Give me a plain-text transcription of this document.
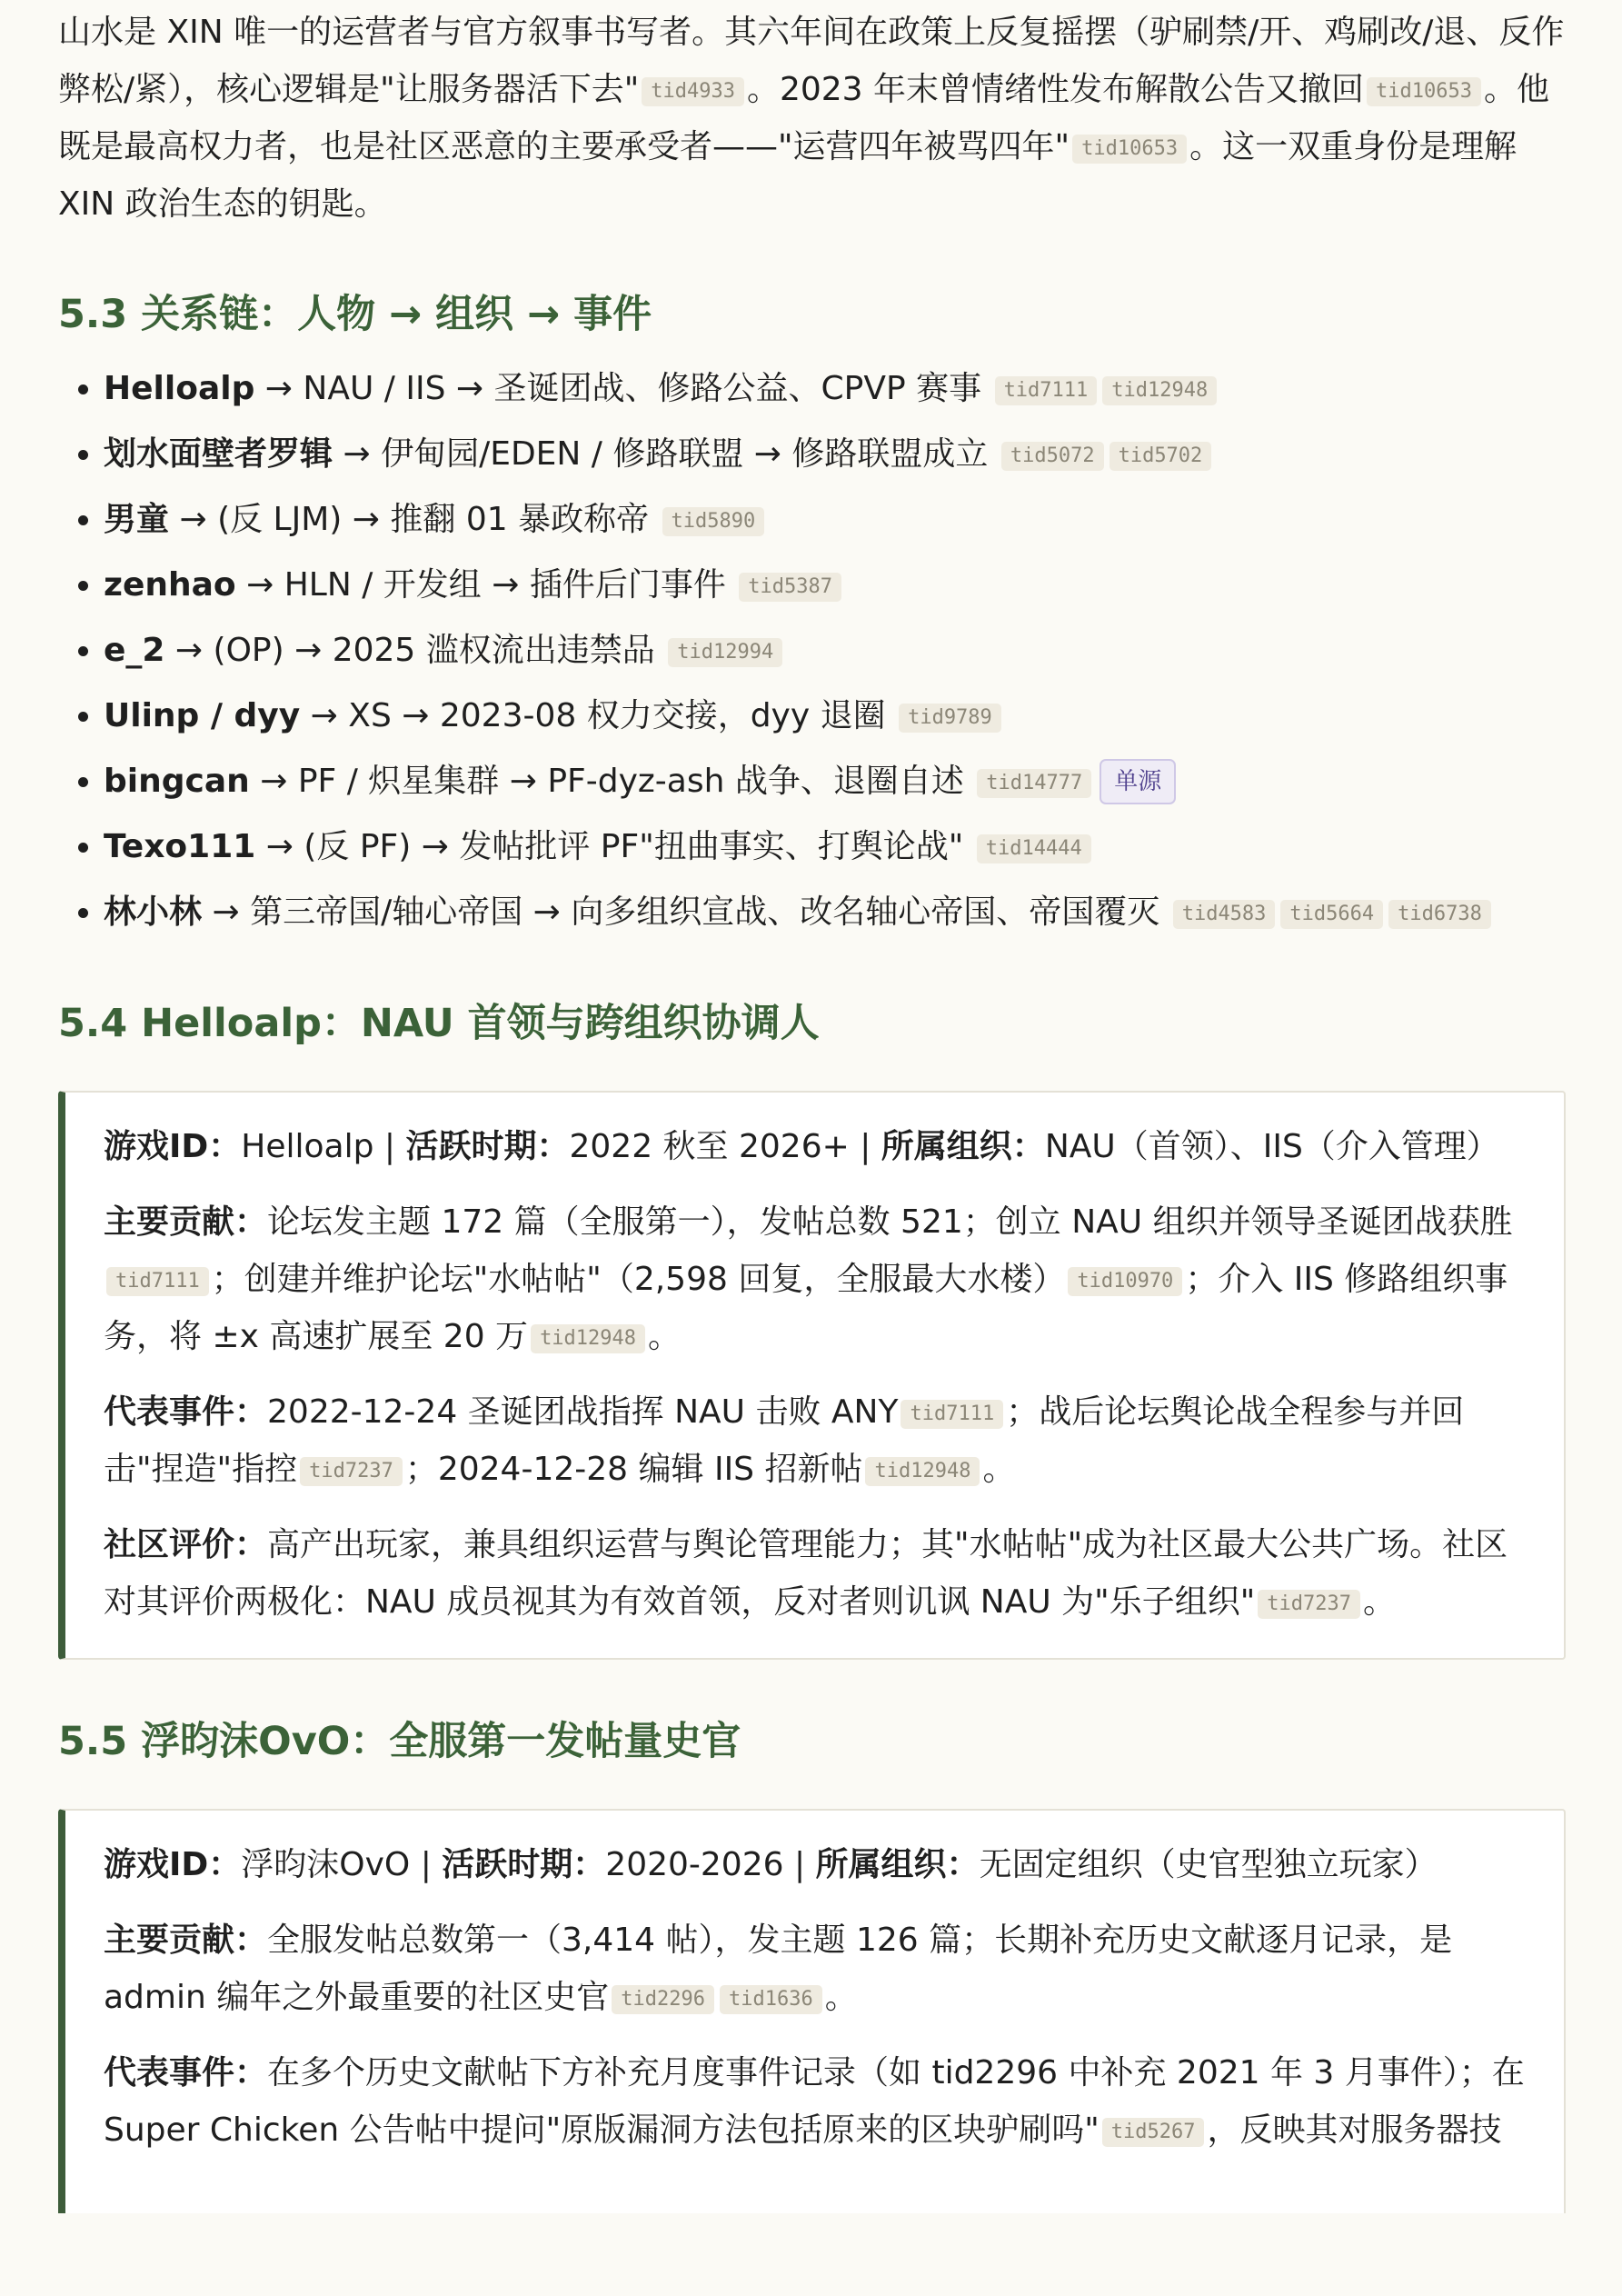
山水是 XIN 唯一的运营者与官方叙事书写者。其六年间在政策上反复摇摆（驴刷禁/开、鸡刷改/退、反作弊松/紧），核心逻辑是"让服务器活下去" tid4933 。2023 年末曾情绪性发布解散公告又撤回 tid10653 。他既是最高权力者，也是社区恶意的主要承受者——"运营四年被骂四年" tid10653 。这一双重身份是理解 XIN 政治生态的钥匙。

5.3 关系链：人物 → 组织 → 事件
• Helloalp → NAU / IIS → 圣诞团战、修路公益、CPVP 赛事 tid7111 tid12948
• 划水面壁者罗辑 → 伊甸园/EDEN / 修路联盟 → 修路联盟成立 tid5072 tid5702
• 男童 → (反 LJM) → 推翻 01 暴政称帝 tid5890
• zenhao → HLN / 开发组 → 插件后门事件 tid5387
• e_2 → (OP) → 2025 滥权流出违禁品 tid12994
• Ulinp / dyy → XS → 2023-08 权力交接，dyy 退圈 tid9789
• bingcan → PF / 炽星集群 → PF-dyz-ash 战争、退圈自述 tid14777 单源
• Texo111 → (反 PF) → 发帖批评 PF"扭曲事实、打舆论战" tid14444
• 林小林 → 第三帝国/轴心帝国 → 向多组织宣战、改名轴心帝国、帝国覆灭 tid4583 tid5664 tid6738
5.4 Helloalp：NAU 首领与跨组织协调人

游戏ID：Helloalp | 活跃时期：2022 秋至 2026+ | 所属组织：NAU（首领）、IIS（介入管理）

主要贡献：论坛发主题 172 篇（全服第一），发帖总数 521；创立 NAU 组织并领导圣诞团战获胜tid7111 ；创建并维护论坛"水帖帖"（2,598 回复，全服最大水楼） tid10970 ；介入 IIS 修路组织事务，将 ±x 高速扩展至 20 万 tid12948 。

代表事件：2022-12-24 圣诞团战指挥 NAU 击败 ANY tid7111 ；战后论坛舆论战全程参与并回击"捏造"指控 tid7237 ；2024-12-28 编辑 IIS 招新帖 tid12948 。

社区评价：高产出玩家，兼具组织运营与舆论管理能力；其"水帖帖"成为社区最大公共广场。社区对其评价两极化：NAU 成员视其为有效首领，反对者则讥讽 NAU 为"乐子组织" tid7237 。

5.5 浮昀沫OvO：全服第一发帖量史官

游戏ID：浮昀沫OvO | 活跃时期：2020-2026 | 所属组织：无固定组织（史官型独立玩家）

主要贡献：全服发帖总数第一（3,414 帖），发主题 126 篇；长期补充历史文献逐月记录，是 admin 编年之外最重要的社区史官 tid2296 tid1636 。

代表事件：在多个历史文献帖下方补充月度事件记录（如 tid2296 中补充 2021 年 3 月事件）；在 Super Chicken 公告帖中提问"原版漏洞方法包括原来的区块驴刷吗" tid5267 ，反映其对服务器技
